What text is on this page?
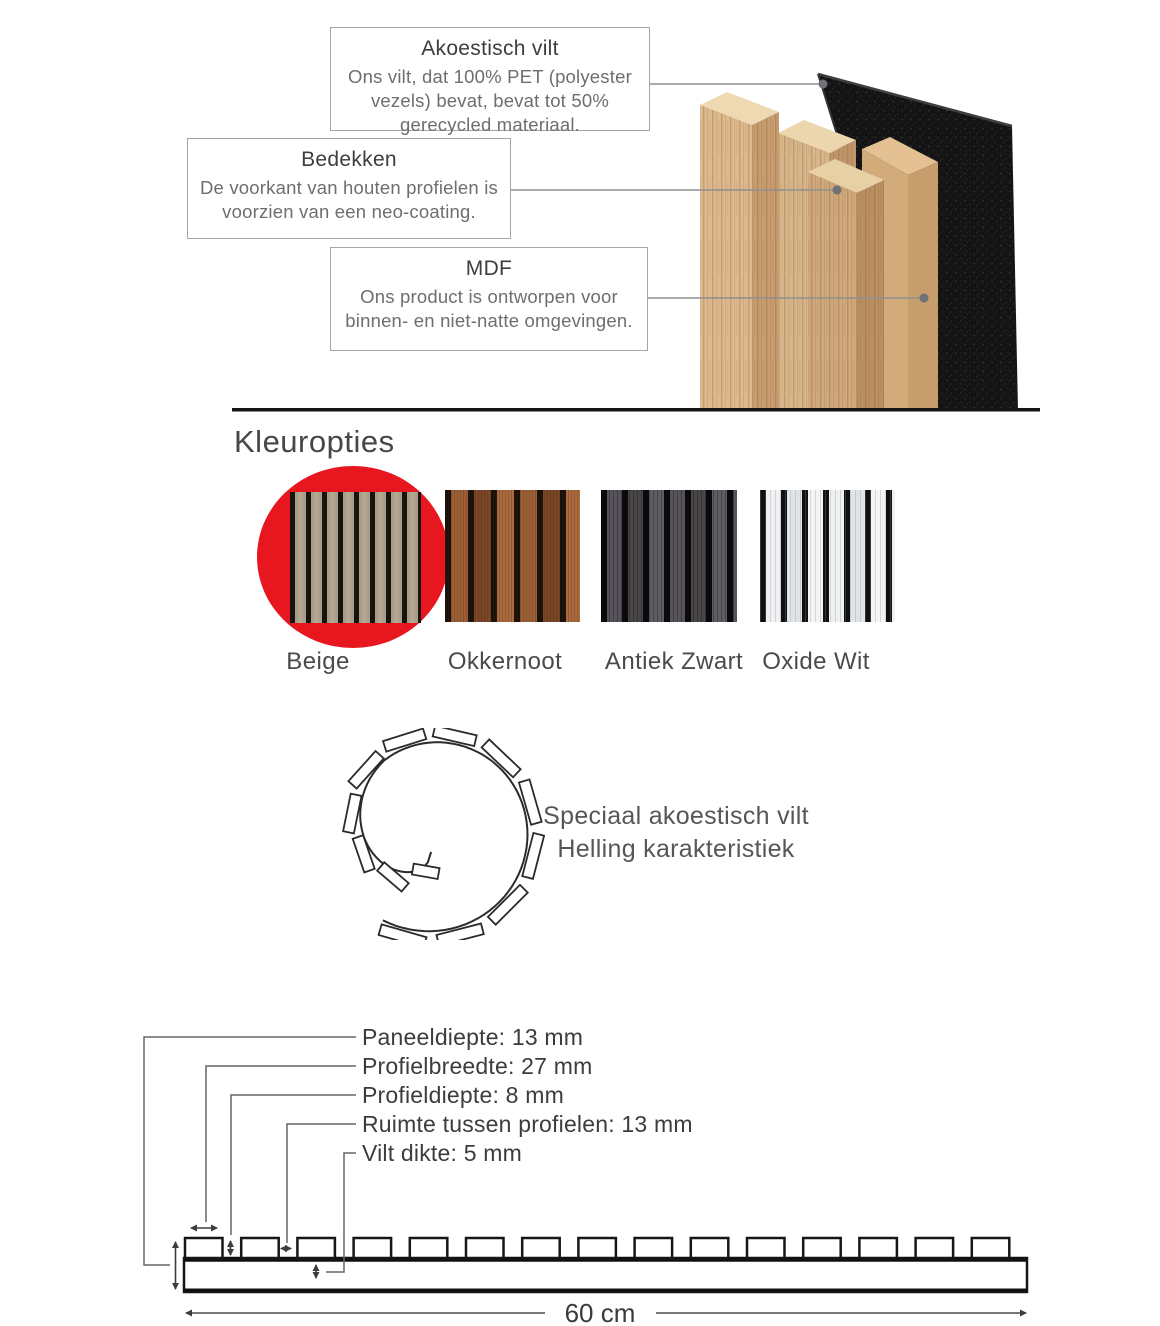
Akoestisch vilt
Ons vilt, dat 100% PET (polyester vezels) bevat, bevat tot 50% gerecycled materiaal.
Bedekken
De voorkant van houten profielen is voorzien van een neo-coating.
MDF
Ons product is ontworpen voor binnen- en niet-natte omgevingen.
Kleuropties
Beige	Okkernoot Antiek Zwart Oxide Wit
Speciaal akoestisch vilt
Helling karakteristiek
Paneeldiepte: 13 mm
Profielbreedte: 27 mm
Profieldiepte: 8 mm
Ruimte tussen profielen: 13 mm
Vilt dikte: 5 mm
60 cm
